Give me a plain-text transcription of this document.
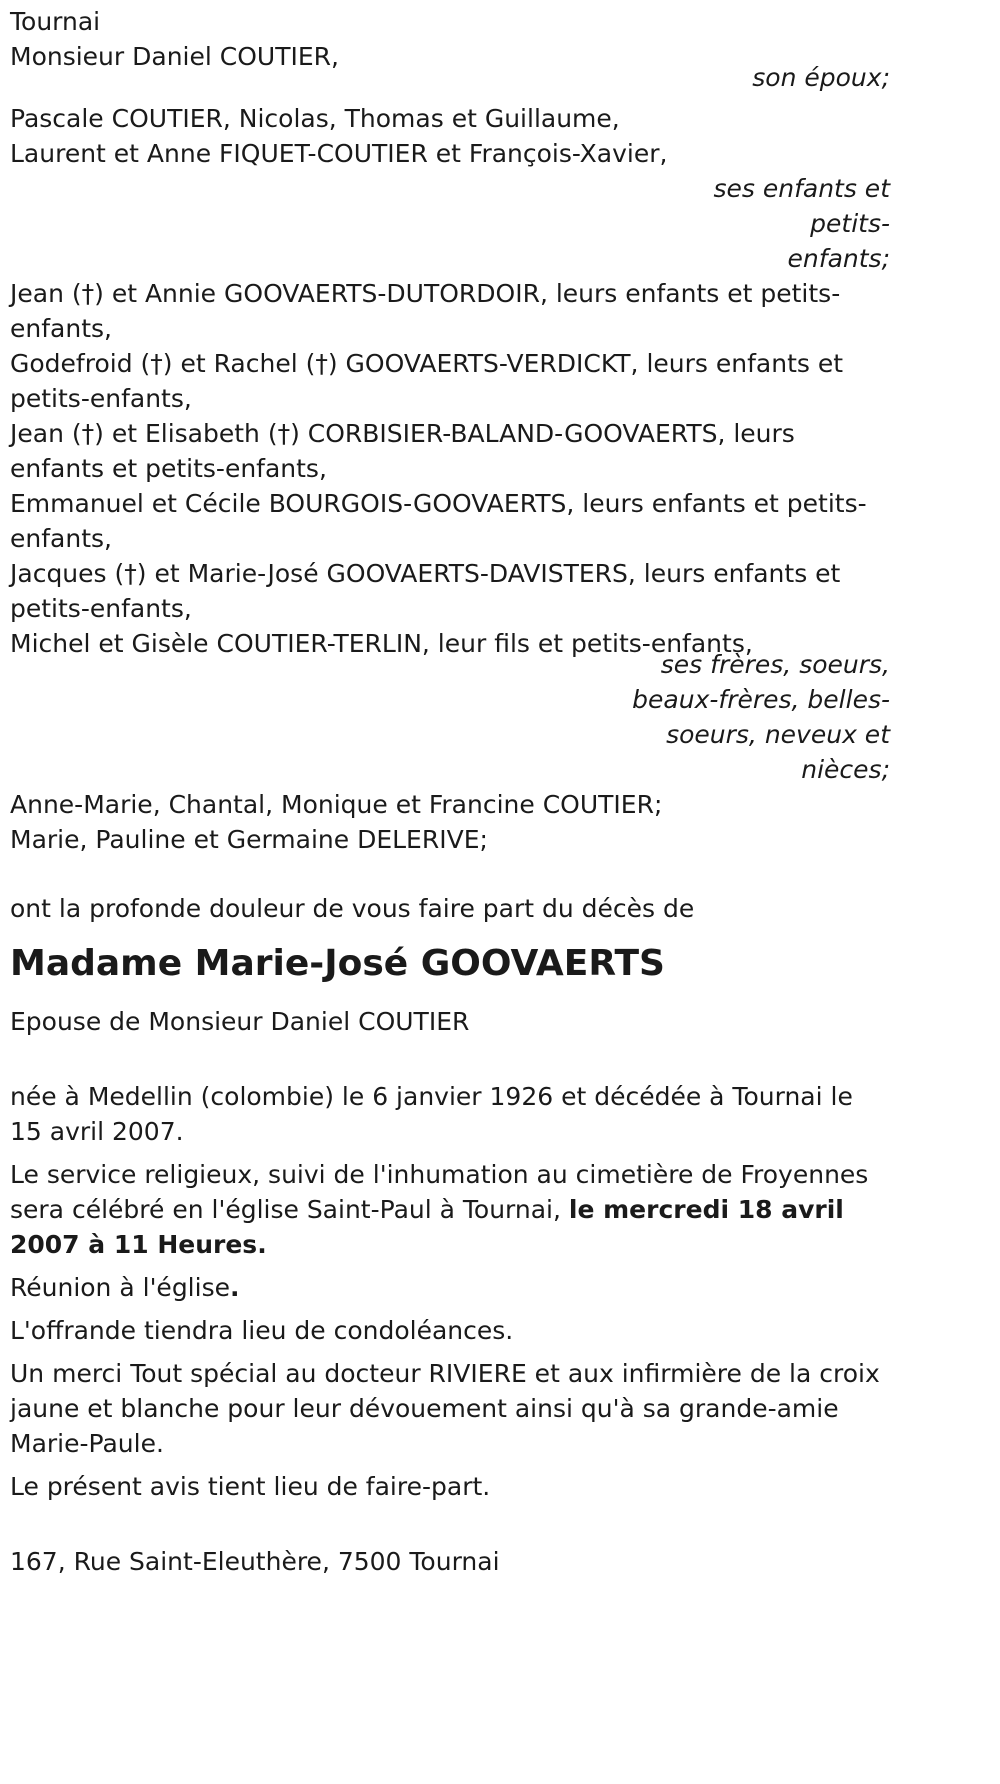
Tournai
Monsieur Daniel COUTIER,
son époux;
Pascale COUTIER, Nicolas, Thomas et Guillaume,
Laurent et Anne FIQUET-COUTIER et François-Xavier,
ses enfants et
petits-enfants;
Jean (†) et Annie GOOVAERTS-DUTORDOIR, leurs enfants et petits-enfants,
Godefroid (†) et Rachel (†) GOOVAERTS-VERDICKT, leurs enfants et petits-enfants,
Jean (†) et Elisabeth (†) CORBISIER-BALAND-GOOVAERTS, leurs enfants et petits-enfants,
Emmanuel et Cécile BOURGOIS-GOOVAERTS, leurs enfants et petits-enfants,
Jacques (†) et Marie-José GOOVAERTS-DAVISTERS, leurs enfants et petits-enfants,
Michel et Gisèle COUTIER-TERLIN, leur fils et petits-enfants,
ses frères, soeurs,
beaux-frères, belles-
soeurs, neveux et
nièces;
Anne-Marie, Chantal, Monique et Francine COUTIER;
Marie, Pauline et Germaine DELERIVE;
ont la profonde douleur de vous faire part du décès de
Madame Marie-José GOOVAERTS
Epouse de Monsieur Daniel COUTIER
née à Medellin (colombie) le 6 janvier 1926 et décédée à Tournai le 15 avril 2007.
Le service religieux, suivi de l'inhumation au cimetière de Froyennes sera célébré en l'église Saint-Paul à Tournai, le mercredi 18 avril 2007 à 11 Heures.
Réunion à l'église.
L'offrande tiendra lieu de condoléances.
Un merci Tout spécial au docteur RIVIERE et aux infirmière de la croix jaune et blanche pour leur dévouement ainsi qu'à sa grande-amie Marie-Paule.
Le présent avis tient lieu de faire-part.
167, Rue Saint-Eleuthère, 7500 Tournai
